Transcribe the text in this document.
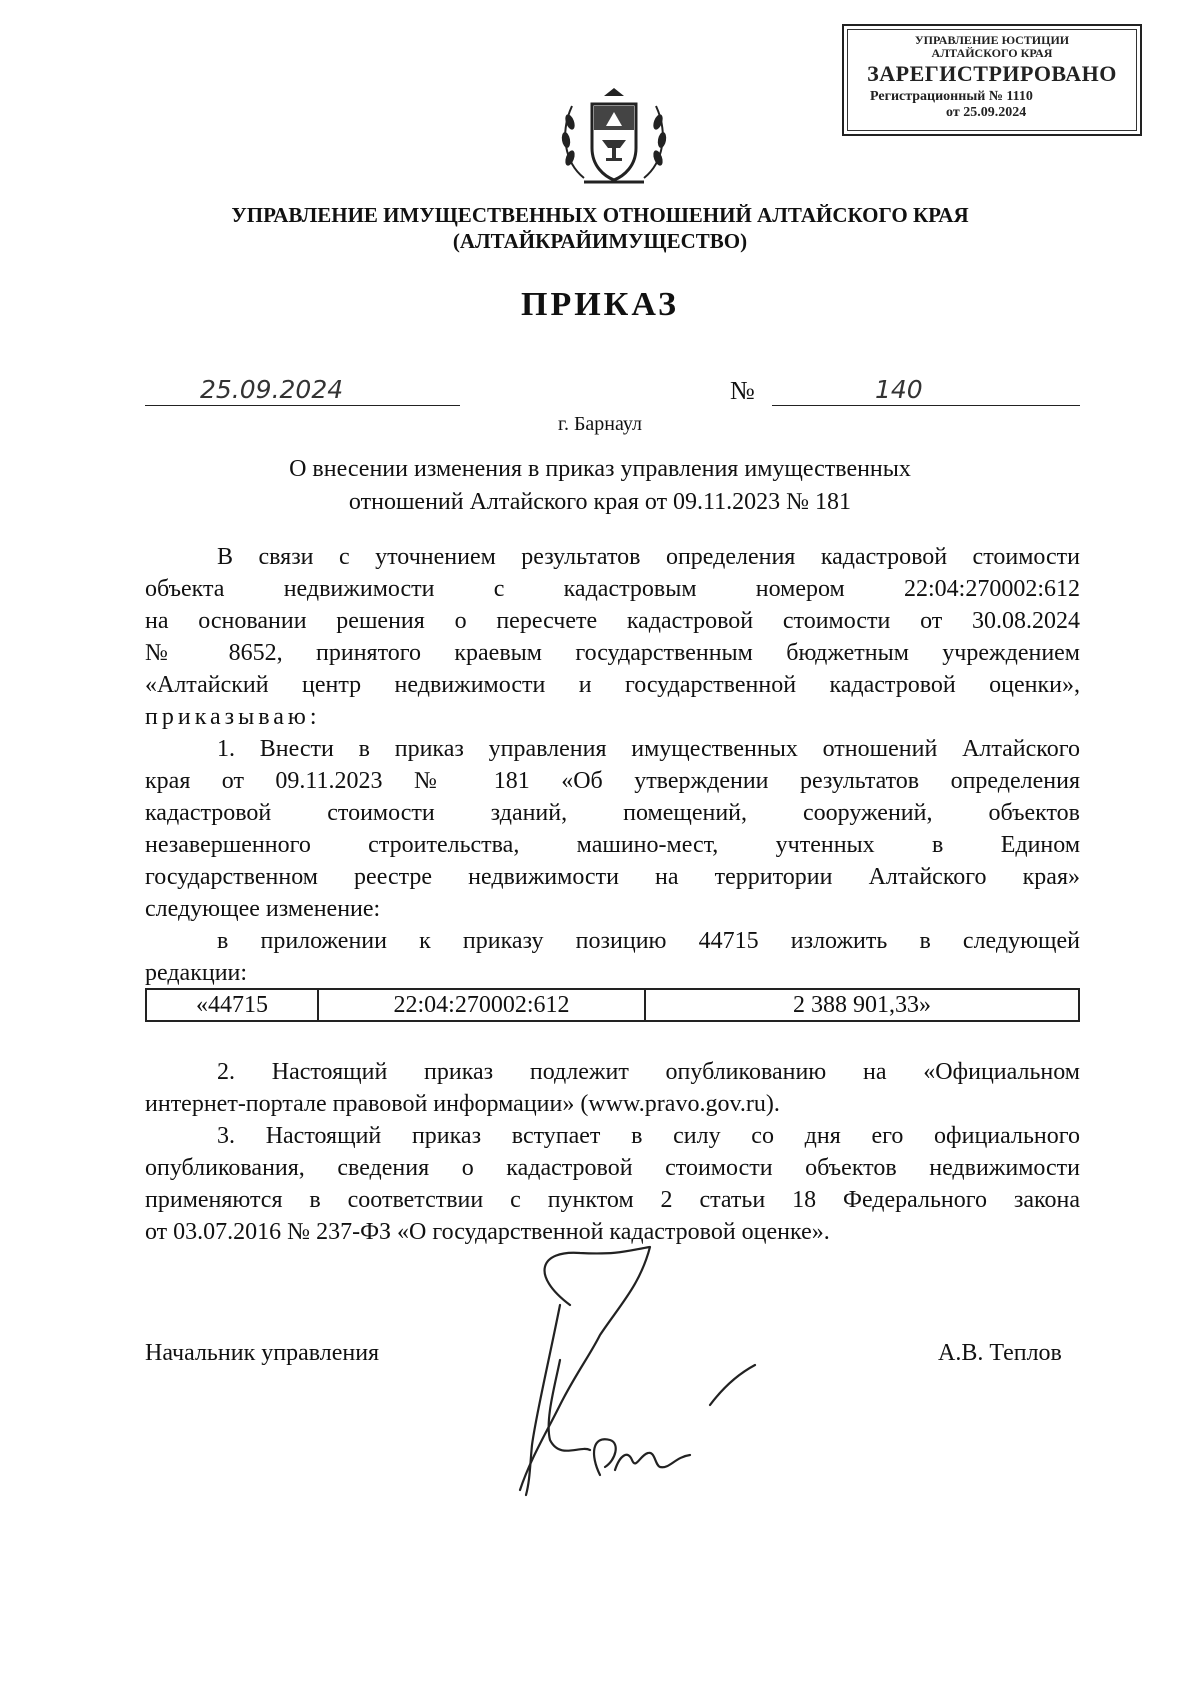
УПРАВЛЕНИЕ ЮСТИЦИИ
АЛТАЙСКОГО КРАЯ
ЗАРЕГИСТРИРОВАНО
Регистрационный № 1110
от 25.09.2024
УПРАВЛЕНИЕ ИМУЩЕСТВЕННЫХ ОТНОШЕНИЙ АЛТАЙСКОГО КРАЯ
(АЛТАЙКРАЙИМУЩЕСТВО)
ПРИКАЗ
25.09.2024	№	140
г. Барнаул
О внесении изменения в приказ управления имущественных
отношений Алтайского края от 09.11.2023 № 181
В связи с уточнением результатов определения кадастровой стоимости
объекта недвижимости с кадастровым номером 22:04:270002:612
на основании решения о пересчете кадастровой стоимости от 30.08.2024
№ 8652, принятого краевым государственным бюджетным учреждением
«Алтайский центр недвижимости и государственной кадастровой оценки»,
приказываю:
1. Внести в приказ управления имущественных отношений Алтайского
края от 09.11.2023 № 181 «Об утверждении результатов определения
кадастровой стоимости зданий, помещений, сооружений, объектов
незавершенного строительства, машино-мест, учтенных в Едином
государственном реестре недвижимости на территории Алтайского края»
следующее изменение:
в приложении к приказу позицию 44715 изложить в следующей
редакции:
«44715	22:04:270002:612	2 388 901,33»
2. Настоящий приказ подлежит опубликованию на «Официальном
интернет-портале правовой информации» (www.pravo.gov.ru).
3. Настоящий приказ вступает в силу со дня его официального
опубликования, сведения о кадастровой стоимости объектов недвижимости
применяются в соответствии с пунктом 2 статьи 18 Федерального закона
от 03.07.2016 № 237-ФЗ «О государственной кадастровой оценке».
Начальник управления	А.В. Теплов
